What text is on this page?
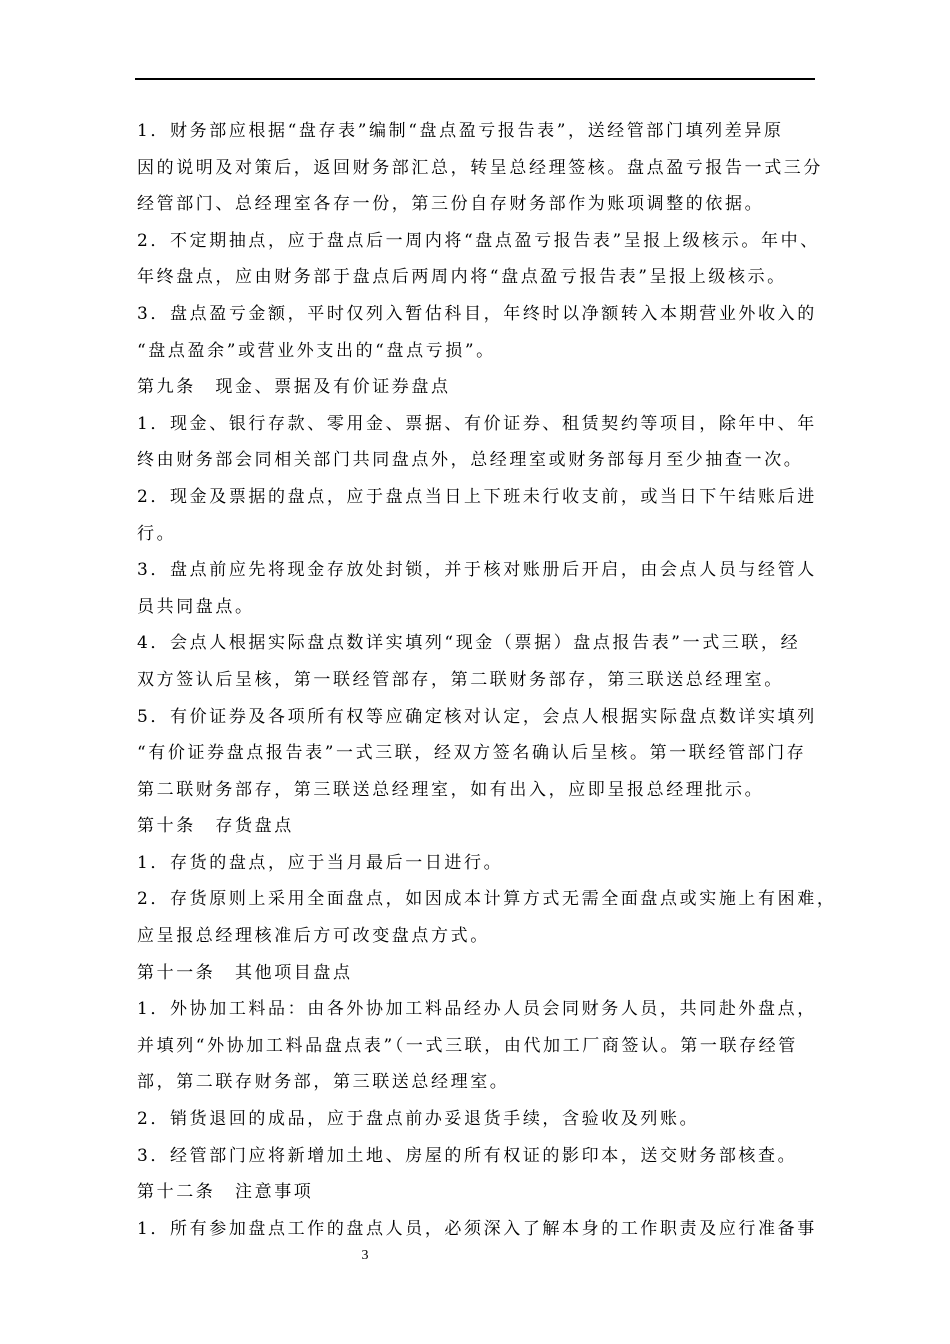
1．财务部应根据“盘存表”编制“盘点盈亏报告表”，送经管部门填列差异原
因的说明及对策后，返回财务部汇总，转呈总经理签核。盘点盈亏报告一式三分
经管部门、总经理室各存一份，第三份自存财务部作为账项调整的依据。
2．不定期抽点，应于盘点后一周内将“盘点盈亏报告表”呈报上级核示。年中、
年终盘点，应由财务部于盘点后两周内将“盘点盈亏报告表”呈报上级核示。
3．盘点盈亏金额，平时仅列入暂估科目，年终时以净额转入本期营业外收入的
“盘点盈余”或营业外支出的“盘点亏损”。
第九条　现金、票据及有价证券盘点
1．现金、银行存款、零用金、票据、有价证券、租赁契约等项目，除年中、年
终由财务部会同相关部门共同盘点外，总经理室或财务部每月至少抽查一次。
2．现金及票据的盘点，应于盘点当日上下班未行收支前，或当日下午结账后进
行。
3．盘点前应先将现金存放处封锁，并于核对账册后开启，由会点人员与经管人
员共同盘点。
4．会点人根据实际盘点数详实填列“现金（票据）盘点报告表”一式三联，经
双方签认后呈核，第一联经管部存，第二联财务部存，第三联送总经理室。
5．有价证券及各项所有权等应确定核对认定，会点人根据实际盘点数详实填列
“有价证券盘点报告表”一式三联，经双方签名确认后呈核。第一联经管部门存
第二联财务部存，第三联送总经理室，如有出入，应即呈报总经理批示。
第十条　存货盘点
1．存货的盘点，应于当月最后一日进行。
2．存货原则上采用全面盘点，如因成本计算方式无需全面盘点或实施上有困难，
应呈报总经理核准后方可改变盘点方式。
第十一条　其他项目盘点
1．外协加工料品：由各外协加工料品经办人员会同财务人员，共同赴外盘点，
并填列“外协加工料品盘点表”（一式三联，由代加工厂商签认。第一联存经管
部，第二联存财务部，第三联送总经理室。
2．销货退回的成品，应于盘点前办妥退货手续，含验收及列账。
3．经管部门应将新增加土地、房屋的所有权证的影印本，送交财务部核查。
第十二条　注意事项
1．所有参加盘点工作的盘点人员，必须深入了解本身的工作职责及应行准备事
3
